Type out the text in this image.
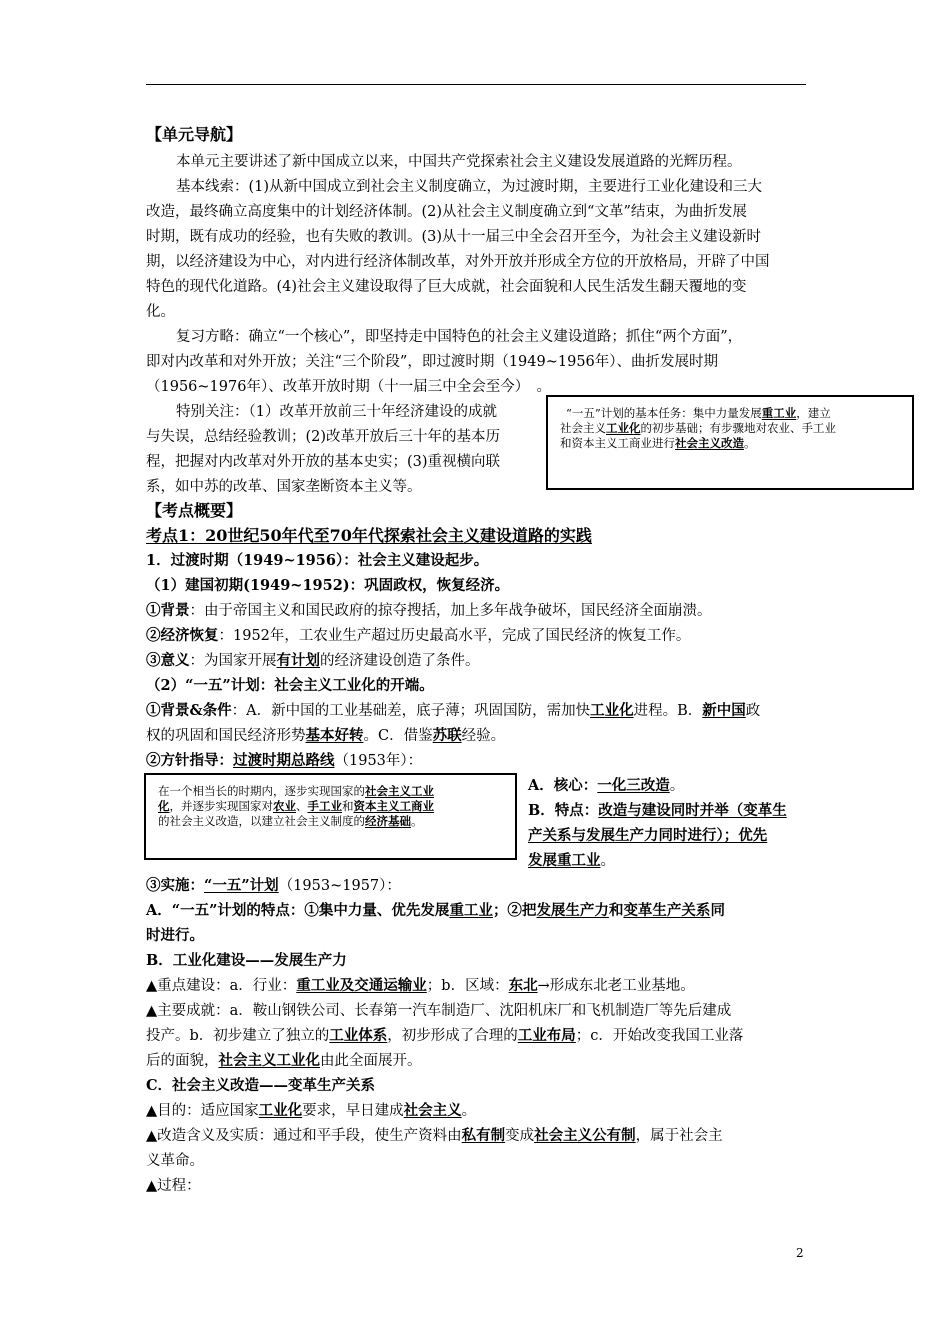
【单元导航】
本单元主要讲述了新中国成立以来，中国共产党探索社会主义建设发展道路的光辉历程。
基本线索：(1)从新中国成立到社会主义制度确立，为过渡时期，主要进行工业化建设和三大
改造，最终确立高度集中的计划经济体制。(2)从社会主义制度确立到“文革”结束，为曲折发展
时期，既有成功的经验，也有失败的教训。(3)从十一届三中全会召开至今，为社会主义建设新时
期，以经济建设为中心，对内进行经济体制改革，对外开放并形成全方位的开放格局，开辟了中国
特色的现代化道路。(4)社会主义建设取得了巨大成就，社会面貌和人民生活发生翻天覆地的变
化。
复习方略：确立“一个核心”，即坚持走中国特色的社会主义建设道路；抓住“两个方面”，
即对内改革和对外开放；关注“三个阶段”，即过渡时期（1949~1956年）、曲折发展时期
（1956~1976年）、改革开放时期（十一届三中全会至今）　。
特别关注：（1）改革开放前三十年经济建设的成就
与失误，总结经验教训；(2)改革开放后三十年的基本历
程，把握对内改革对外开放的基本史实；(3)重视横向联
系，如中苏的改革、国家垄断资本主义等。
“一五”计划的基本任务：集中力量发展重工业，建立
社会主义工业化的初步基础；有步骤地对农业、手工业
和资本主义工商业进行社会主义改造。
【考点概要】
考点1：20世纪50年代至70年代探索社会主义建设道路的实践
1．过渡时期（1949~1956）：社会主义建设起步。
（1）建国初期(1949~1952)：巩固政权，恢复经济。
①背景：由于帝国主义和国民政府的掠夺搜括，加上多年战争破坏，国民经济全面崩溃。
②经济恢复：1952年，工农业生产超过历史最高水平，完成了国民经济的恢复工作。
③意义：为国家开展有计划的经济建设创造了条件。
（2）“一五”计划：社会主义工业化的开端。
①背景&条件：A．新中国的工业基础差，底子薄；巩固国防，需加快工业化进程。B．新中国政
权的巩固和国民经济形势基本好转。C．借鉴苏联经验。
②方针指导：过渡时期总路线（1953年）：
在一个相当长的时期内，逐步实现国家的社会主义工业
化，并逐步实现国家对农业、手工业和资本主义工商业
的社会主义改造，以建立社会主义制度的经济基础。
A．核心：一化三改造。
B．特点：改造与建设同时并举（变革生
产关系与发展生产力同时进行）；优先
发展重工业。
③实施：“一五”计划（1953~1957）：
A．“一五”计划的特点：①集中力量、优先发展重工业；②把发展生产力和变革生产关系同
时进行。
B．工业化建设——发展生产力
▲重点建设：a．行业：重工业及交通运输业；b．区域：东北→形成东北老工业基地。
▲主要成就：a．鞍山钢铁公司、长春第一汽车制造厂、沈阳机床厂和飞机制造厂等先后建成
投产。b．初步建立了独立的工业体系，初步形成了合理的工业布局；c．开始改变我国工业落
后的面貌，社会主义工业化由此全面展开。
C．社会主义改造——变革生产关系
▲目的：适应国家工业化要求，早日建成社会主义。
▲改造含义及实质：通过和平手段，使生产资料由私有制变成社会主义公有制，属于社会主
义革命。
▲过程：
2
